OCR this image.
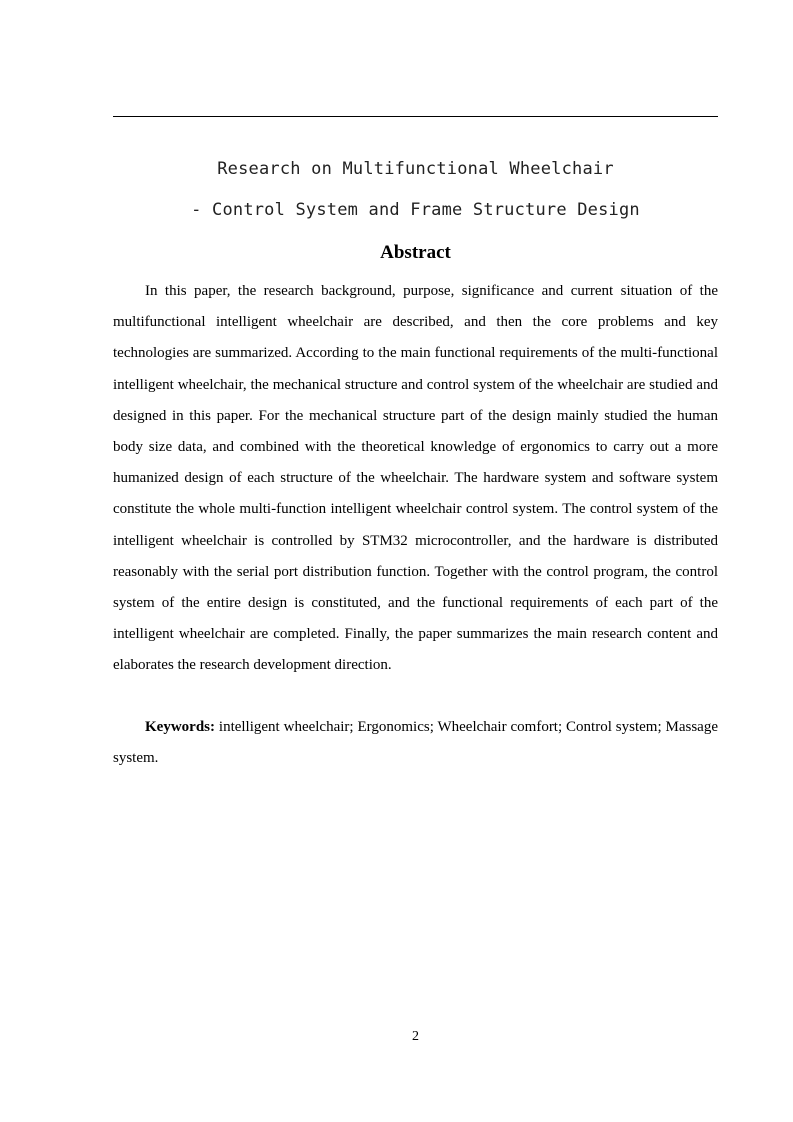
Research on Multifunctional Wheelchair
- Control System and Frame Structure Design
Abstract

In this paper, the research background, purpose, significance and current situation of the multifunctional intelligent wheelchair are described, and then the core problems and key technologies are summarized. According to the main functional requirements of the multi-functional intelligent wheelchair, the mechanical structure and control system of the wheelchair are studied and designed in this paper. For the mechanical structure part of the design mainly studied the human body size data, and combined with the theoretical knowledge of ergonomics to carry out a more humanized design of each structure of the wheelchair. The hardware system and software system constitute the whole multi-function intelligent wheelchair control system. The control system of the intelligent wheelchair is controlled by STM32 microcontroller, and the hardware is distributed reasonably with the serial port distribution function. Together with the control program, the control system of the entire design is constituted, and the functional requirements of each part of the intelligent wheelchair are completed. Finally, the paper summarizes the main research content and elaborates the research development direction.

Keywords: intelligent wheelchair; Ergonomics; Wheelchair comfort; Control system; Massage system.

2
